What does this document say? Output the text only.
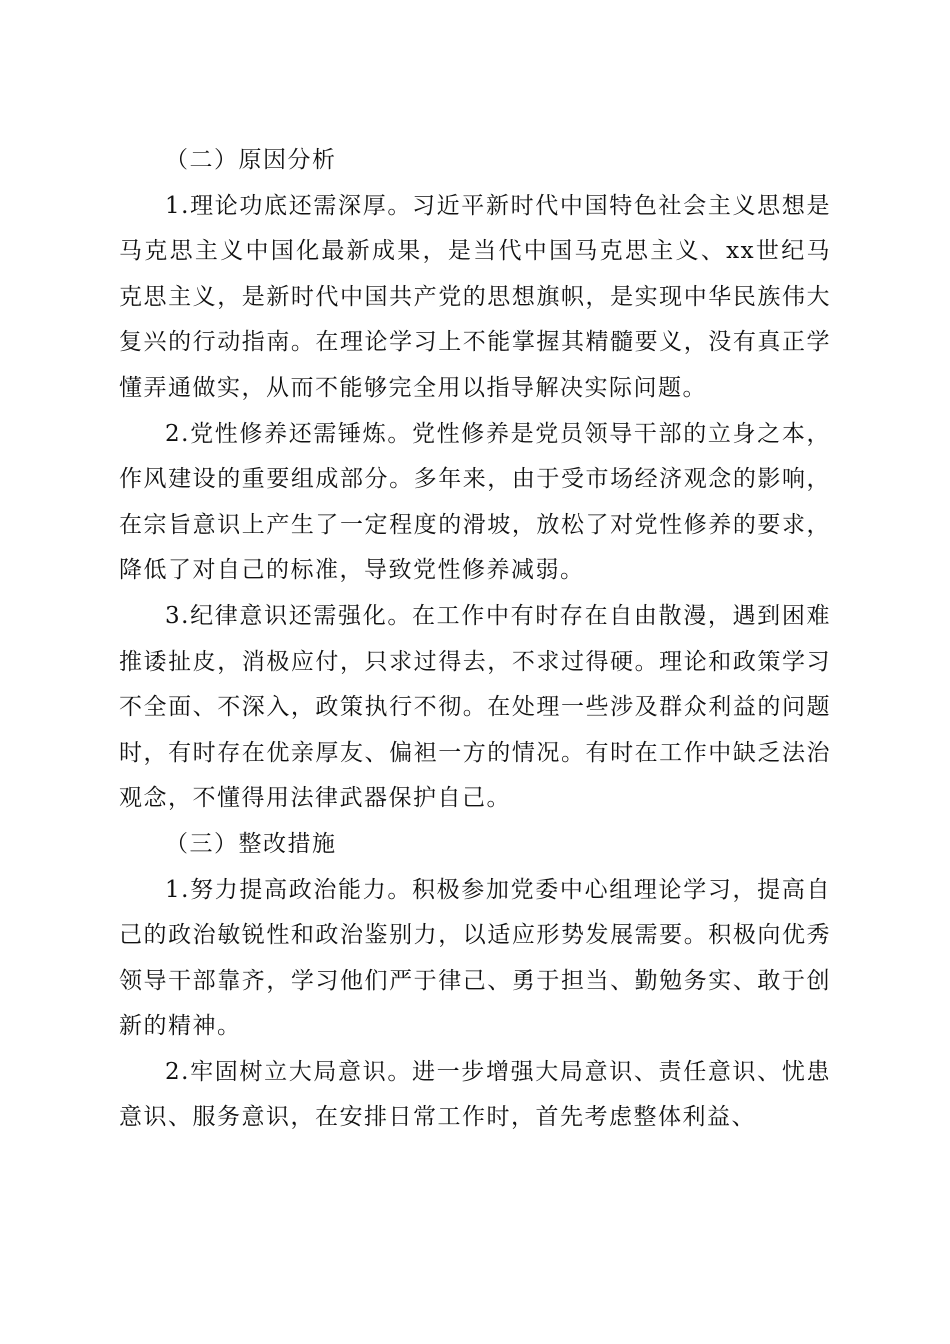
（二）原因分析

1.理论功底还需深厚。习近平新时代中国特色社会主义思想是马克思主义中国化最新成果，是当代中国马克思主义、xx世纪马克思主义，是新时代中国共产党的思想旗帜，是实现中华民族伟大复兴的行动指南。在理论学习上不能掌握其精髓要义，没有真正学懂弄通做实，从而不能够完全用以指导解决实际问题。

2.党性修养还需锤炼。党性修养是党员领导干部的立身之本，作风建设的重要组成部分。多年来，由于受市场经济观念的影响，在宗旨意识上产生了一定程度的滑坡，放松了对党性修养的要求，降低了对自己的标准，导致党性修养减弱。

3.纪律意识还需强化。在工作中有时存在自由散漫，遇到困难推诿扯皮，消极应付，只求过得去，不求过得硬。理论和政策学习不全面、不深入，政策执行不彻。在处理一些涉及群众利益的问题时，有时存在优亲厚友、偏袒一方的情况。有时在工作中缺乏法治观念，不懂得用法律武器保护自己。

（三）整改措施

1.努力提高政治能力。积极参加党委中心组理论学习，提高自己的政治敏锐性和政治鉴别力，以适应形势发展需要。积极向优秀领导干部靠齐，学习他们严于律己、勇于担当、勤勉务实、敢于创新的精神。

2.牢固树立大局意识。进一步增强大局意识、责任意识、忧患意识、服务意识，在安排日常工作时，首先考虑整体利益、
